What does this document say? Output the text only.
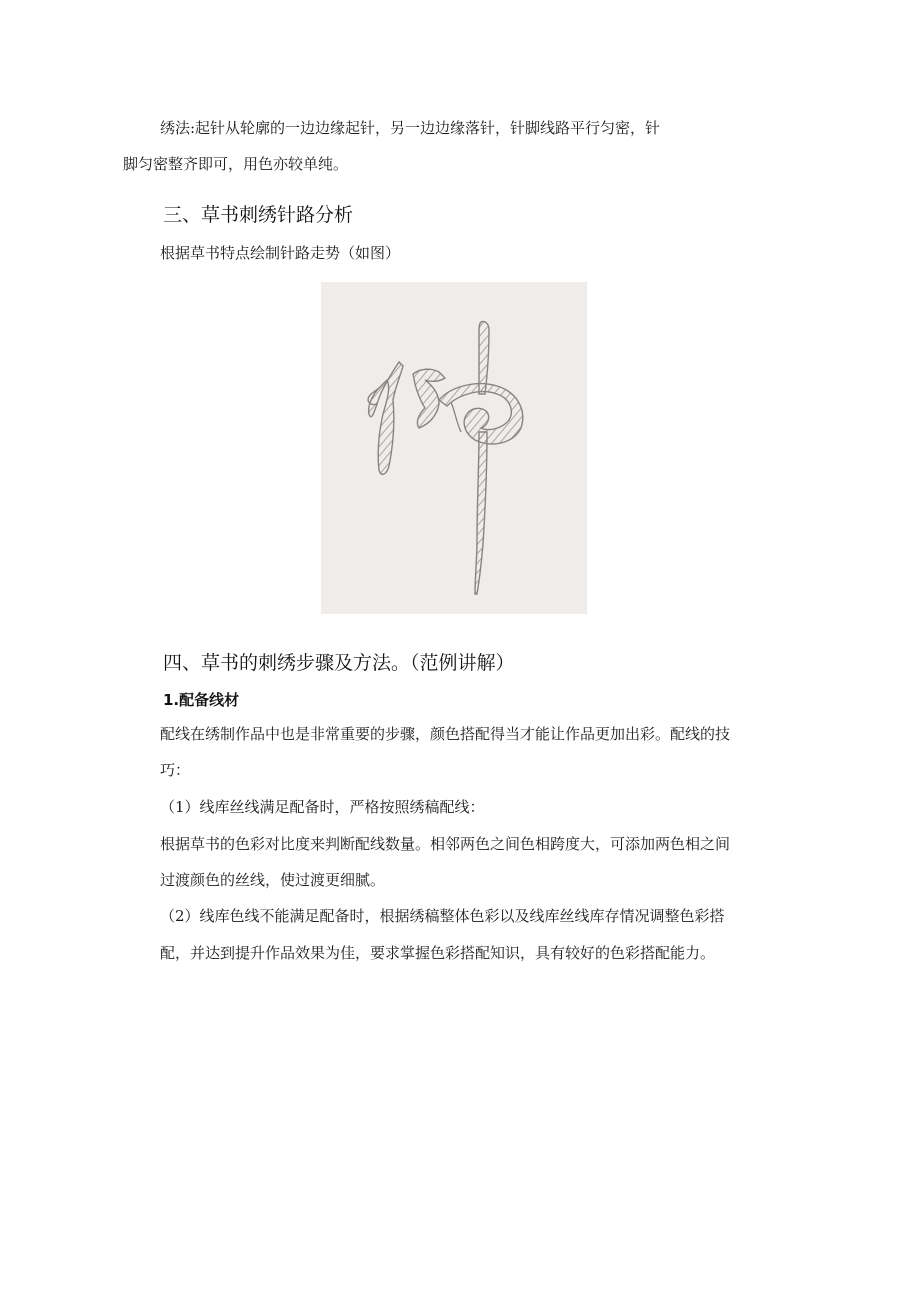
绣法:起针从轮廓的一边边缘起针，另一边边缘落针，针脚线路平行匀密，针
脚匀密整齐即可，用色亦较单纯。
三、草书刺绣针路分析
根据草书特点绘制针路走势（如图）
四、草书的刺绣步骤及方法。（范例讲解）
1.配备线材
配线在绣制作品中也是非常重要的步骤，颜色搭配得当才能让作品更加出彩。配线的技
巧：
（1）线库丝线满足配备时，严格按照绣稿配线：
根据草书的色彩对比度来判断配线数量。相邻两色之间色相跨度大，可添加两色相之间
过渡颜色的丝线，使过渡更细腻。
（2）线库色线不能满足配备时，根据绣稿整体色彩以及线库丝线库存情况调整色彩搭
配，并达到提升作品效果为佳，要求掌握色彩搭配知识，具有较好的色彩搭配能力。
